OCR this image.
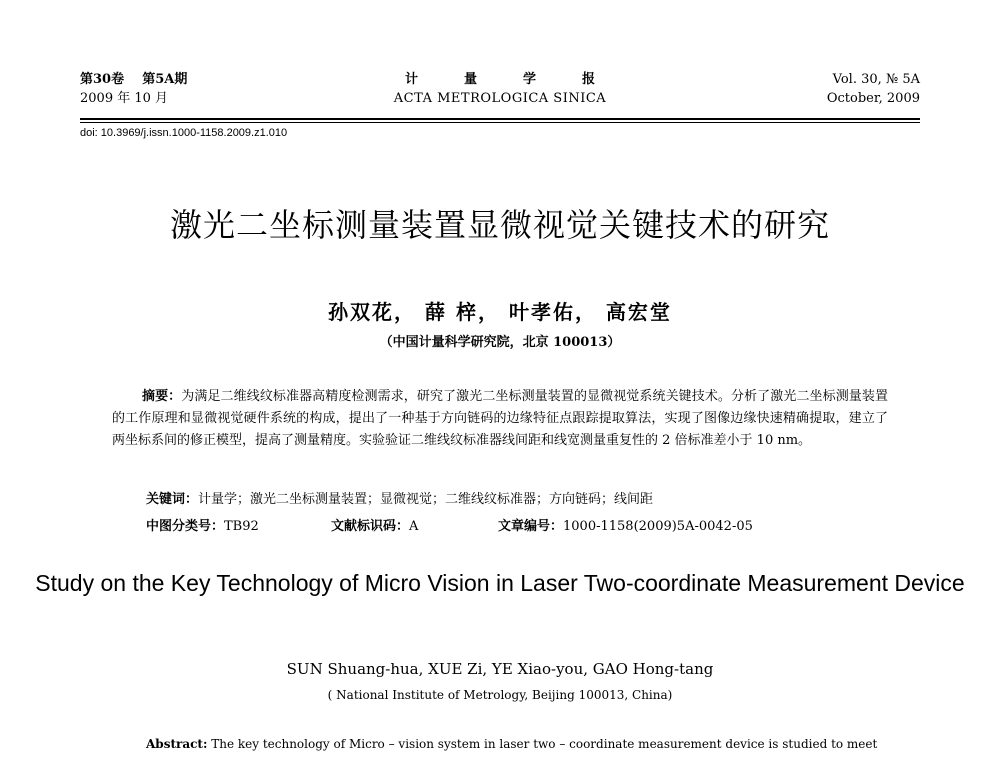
第30卷 第5A期
2009 年 10 月
计量学报
ACTA METROLOGICA SINICA
Vol. 30, № 5A
October, 2009
doi: 10.3969/j.issn.1000-1158.2009.z1.010
激光二坐标测量装置显微视觉关键技术的研究
孙双花， 薛 梓， 叶孝佑， 高宏堂
（中国计量科学研究院，北京 100013）
摘要：为满足二维线纹标准器高精度检测需求，研究了激光二坐标测量装置的显微视觉系统关键技术。分析了激光二坐标测量装置的工作原理和显微视觉硬件系统的构成，提出了一种基于方向链码的边缘特征点跟踪提取算法，实现了图像边缘快速精确提取，建立了两坐标系间的修正模型，提高了测量精度。实验验证二维线纹标准器线间距和线宽测量重复性的 2 倍标准差小于 10 nm。
关键词：计量学；激光二坐标测量装置；显微视觉；二维线纹标准器；方向链码；线间距
中图分类号：TB92	文献标识码：A	文章编号：1000-1158(2009)5A-0042-05
Study on the Key Technology of Micro Vision in Laser Two-coordinate Measurement Device
SUN Shuang-hua, XUE Zi, YE Xiao-you, GAO Hong-tang
( National Institute of Metrology, Beijing 100013, China)
Abstract: The key technology of Micro – vision system in laser two – coordinate measurement device is studied to meet
